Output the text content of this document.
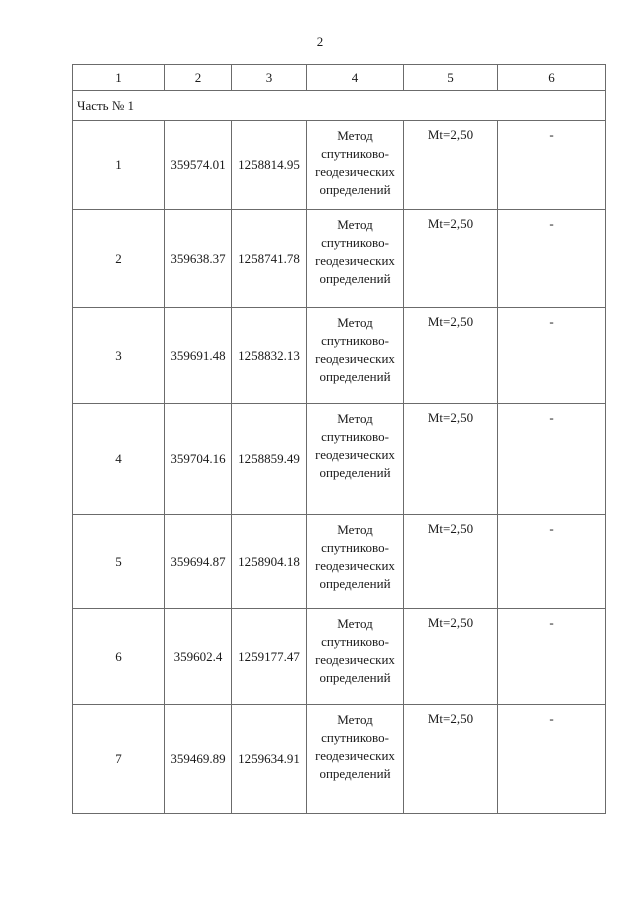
2
1	2	3	4	5	6
Часть № 1					
1	359574.01	1258814.95	Метод
спутниково-
геодезических
определений	Mt=2,50	-
2	359638.37	1258741.78	Метод
спутниково-
геодезических
определений	Mt=2,50	-
3	359691.48	1258832.13	Метод
спутниково-
геодезических
определений	Mt=2,50	-
4	359704.16	1258859.49	Метод
спутниково-
геодезических
определений	Mt=2,50	-
5	359694.87	1258904.18	Метод
спутниково-
геодезических
определений	Mt=2,50	-
6	359602.4	1259177.47	Метод
спутниково-
геодезических
определений	Mt=2,50	-
7	359469.89	1259634.91	Метод
спутниково-
геодезических
определений	Mt=2,50	-
